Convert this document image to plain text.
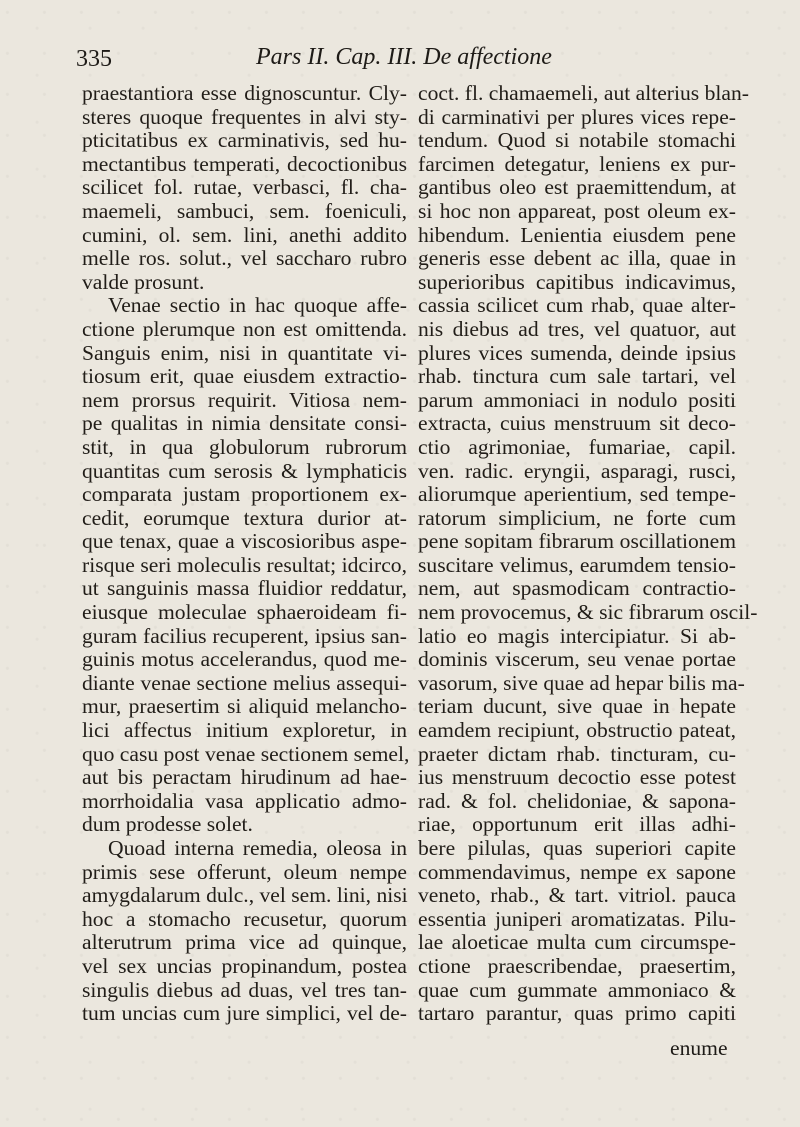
335	Pars II. Cap. III. De affectione
praestantiora esse dignoscuntur. Cly-
steres quoque frequentes in alvi sty-
pticitatibus ex carminativis, sed hu-
mectantibus temperati, decoctionibus
scilicet fol. rutae, verbasci, fl. cha-
maemeli, sambuci, sem. foeniculi,
cumini, ol. sem. lini, anethi addito
melle ros. solut., vel saccharo rubro
valde prosunt.
Venae sectio in hac quoque affe-
ctione plerumque non est omittenda.
Sanguis enim, nisi in quantitate vi-
tiosum erit, quae eiusdem extractio-
nem prorsus requirit. Vitiosa nem-
pe qualitas in nimia densitate consi-
stit, in qua globulorum rubrorum
quantitas cum serosis & lymphaticis
comparata justam proportionem ex-
cedit, eorumque textura durior at-
que tenax, quae a viscosioribus aspe-
risque seri moleculis resultat; idcirco,
ut sanguinis massa fluidior reddatur,
eiusque moleculae sphaeroideam fi-
guram facilius recuperent, ipsius san-
guinis motus accelerandus, quod me-
diante venae sectione melius assequi-
mur, praesertim si aliquid melancho-
lici affectus initium exploretur, in
quo casu post venae sectionem semel,
aut bis peractam hirudinum ad hae-
morrhoidalia vasa applicatio admo-
dum prodesse solet.
Quoad interna remedia, oleosa in
primis sese offerunt, oleum nempe
amygdalarum dulc., vel sem. lini, nisi
hoc a stomacho recusetur, quorum
alterutrum prima vice ad quinque,
vel sex uncias propinandum, postea
singulis diebus ad duas, vel tres tan-
tum uncias cum jure simplici, vel de-
coct. fl. chamaemeli, aut alterius blan-
di carminativi per plures vices repe-
tendum. Quod si notabile stomachi
farcimen detegatur, leniens ex pur-
gantibus oleo est praemittendum, at
si hoc non appareat, post oleum ex-
hibendum. Lenientia eiusdem pene
generis esse debent ac illa, quae in
superioribus capitibus indicavimus,
cassia scilicet cum rhab, quae alter-
nis diebus ad tres, vel quatuor, aut
plures vices sumenda, deinde ipsius
rhab. tinctura cum sale tartari, vel
parum ammoniaci in nodulo positi
extracta, cuius menstruum sit deco-
ctio agrimoniae, fumariae, capil.
ven. radic. eryngii, asparagi, rusci,
aliorumque aperientium, sed tempe-
ratorum simplicium, ne forte cum
pene sopitam fibrarum oscillationem
suscitare velimus, earumdem tensio-
nem, aut spasmodicam contractio-
nem provocemus, & sic fibrarum oscil-
latio eo magis intercipiatur. Si ab-
dominis viscerum, seu venae portae
vasorum, sive quae ad hepar bilis ma-
teriam ducunt, sive quae in hepate
eamdem recipiunt, obstructio pateat,
praeter dictam rhab. tincturam, cu-
ius menstruum decoctio esse potest
rad. & fol. chelidoniae, & sapona-
riae, opportunum erit illas adhi-
bere pilulas, quas superiori capite
commendavimus, nempe ex sapone
veneto, rhab., & tart. vitriol. pauca
essentia juniperi aromatizatas. Pilu-
lae aloeticae multa cum circumspe-
ctione praescribendae, praesertim,
quae cum gummate ammoniaco &
tartaro parantur, quas primo capiti
enume
